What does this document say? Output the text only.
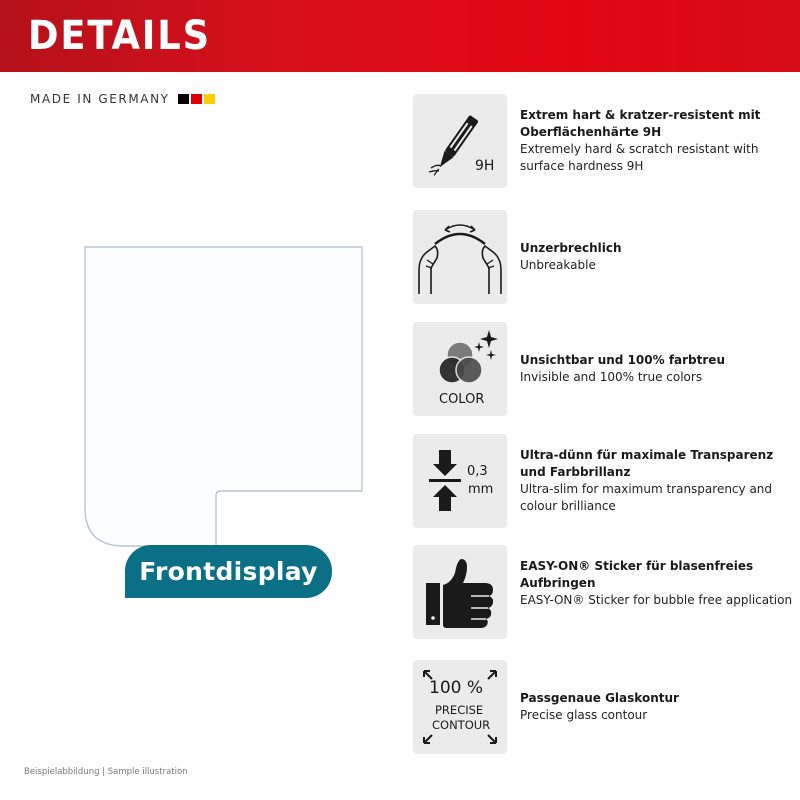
DETAILS
MADE IN GERMANY
Frontdisplay
Beispielabbildung | Sample illustration
9H
Extrem hart & kratzer-resistent mit Oberflächenhärte 9H
Extremely hard & scratch resistant with surface hardness 9H
Unzerbrechlich
Unbreakable
COLOR
Unsichtbar und 100% farbtreu
Invisible and 100% true colors
0,3
mm
Ultra-dünn für maximale Transparenz und Farbbrillanz
Ultra-slim for maximum transparency and colour brilliance
EASY-ON® Sticker für blasenfreies Aufbringen
EASY-ON® Sticker for bubble free application
100 %
PRECISE
CONTOUR
Passgenaue Glaskontur
Precise glass contour
